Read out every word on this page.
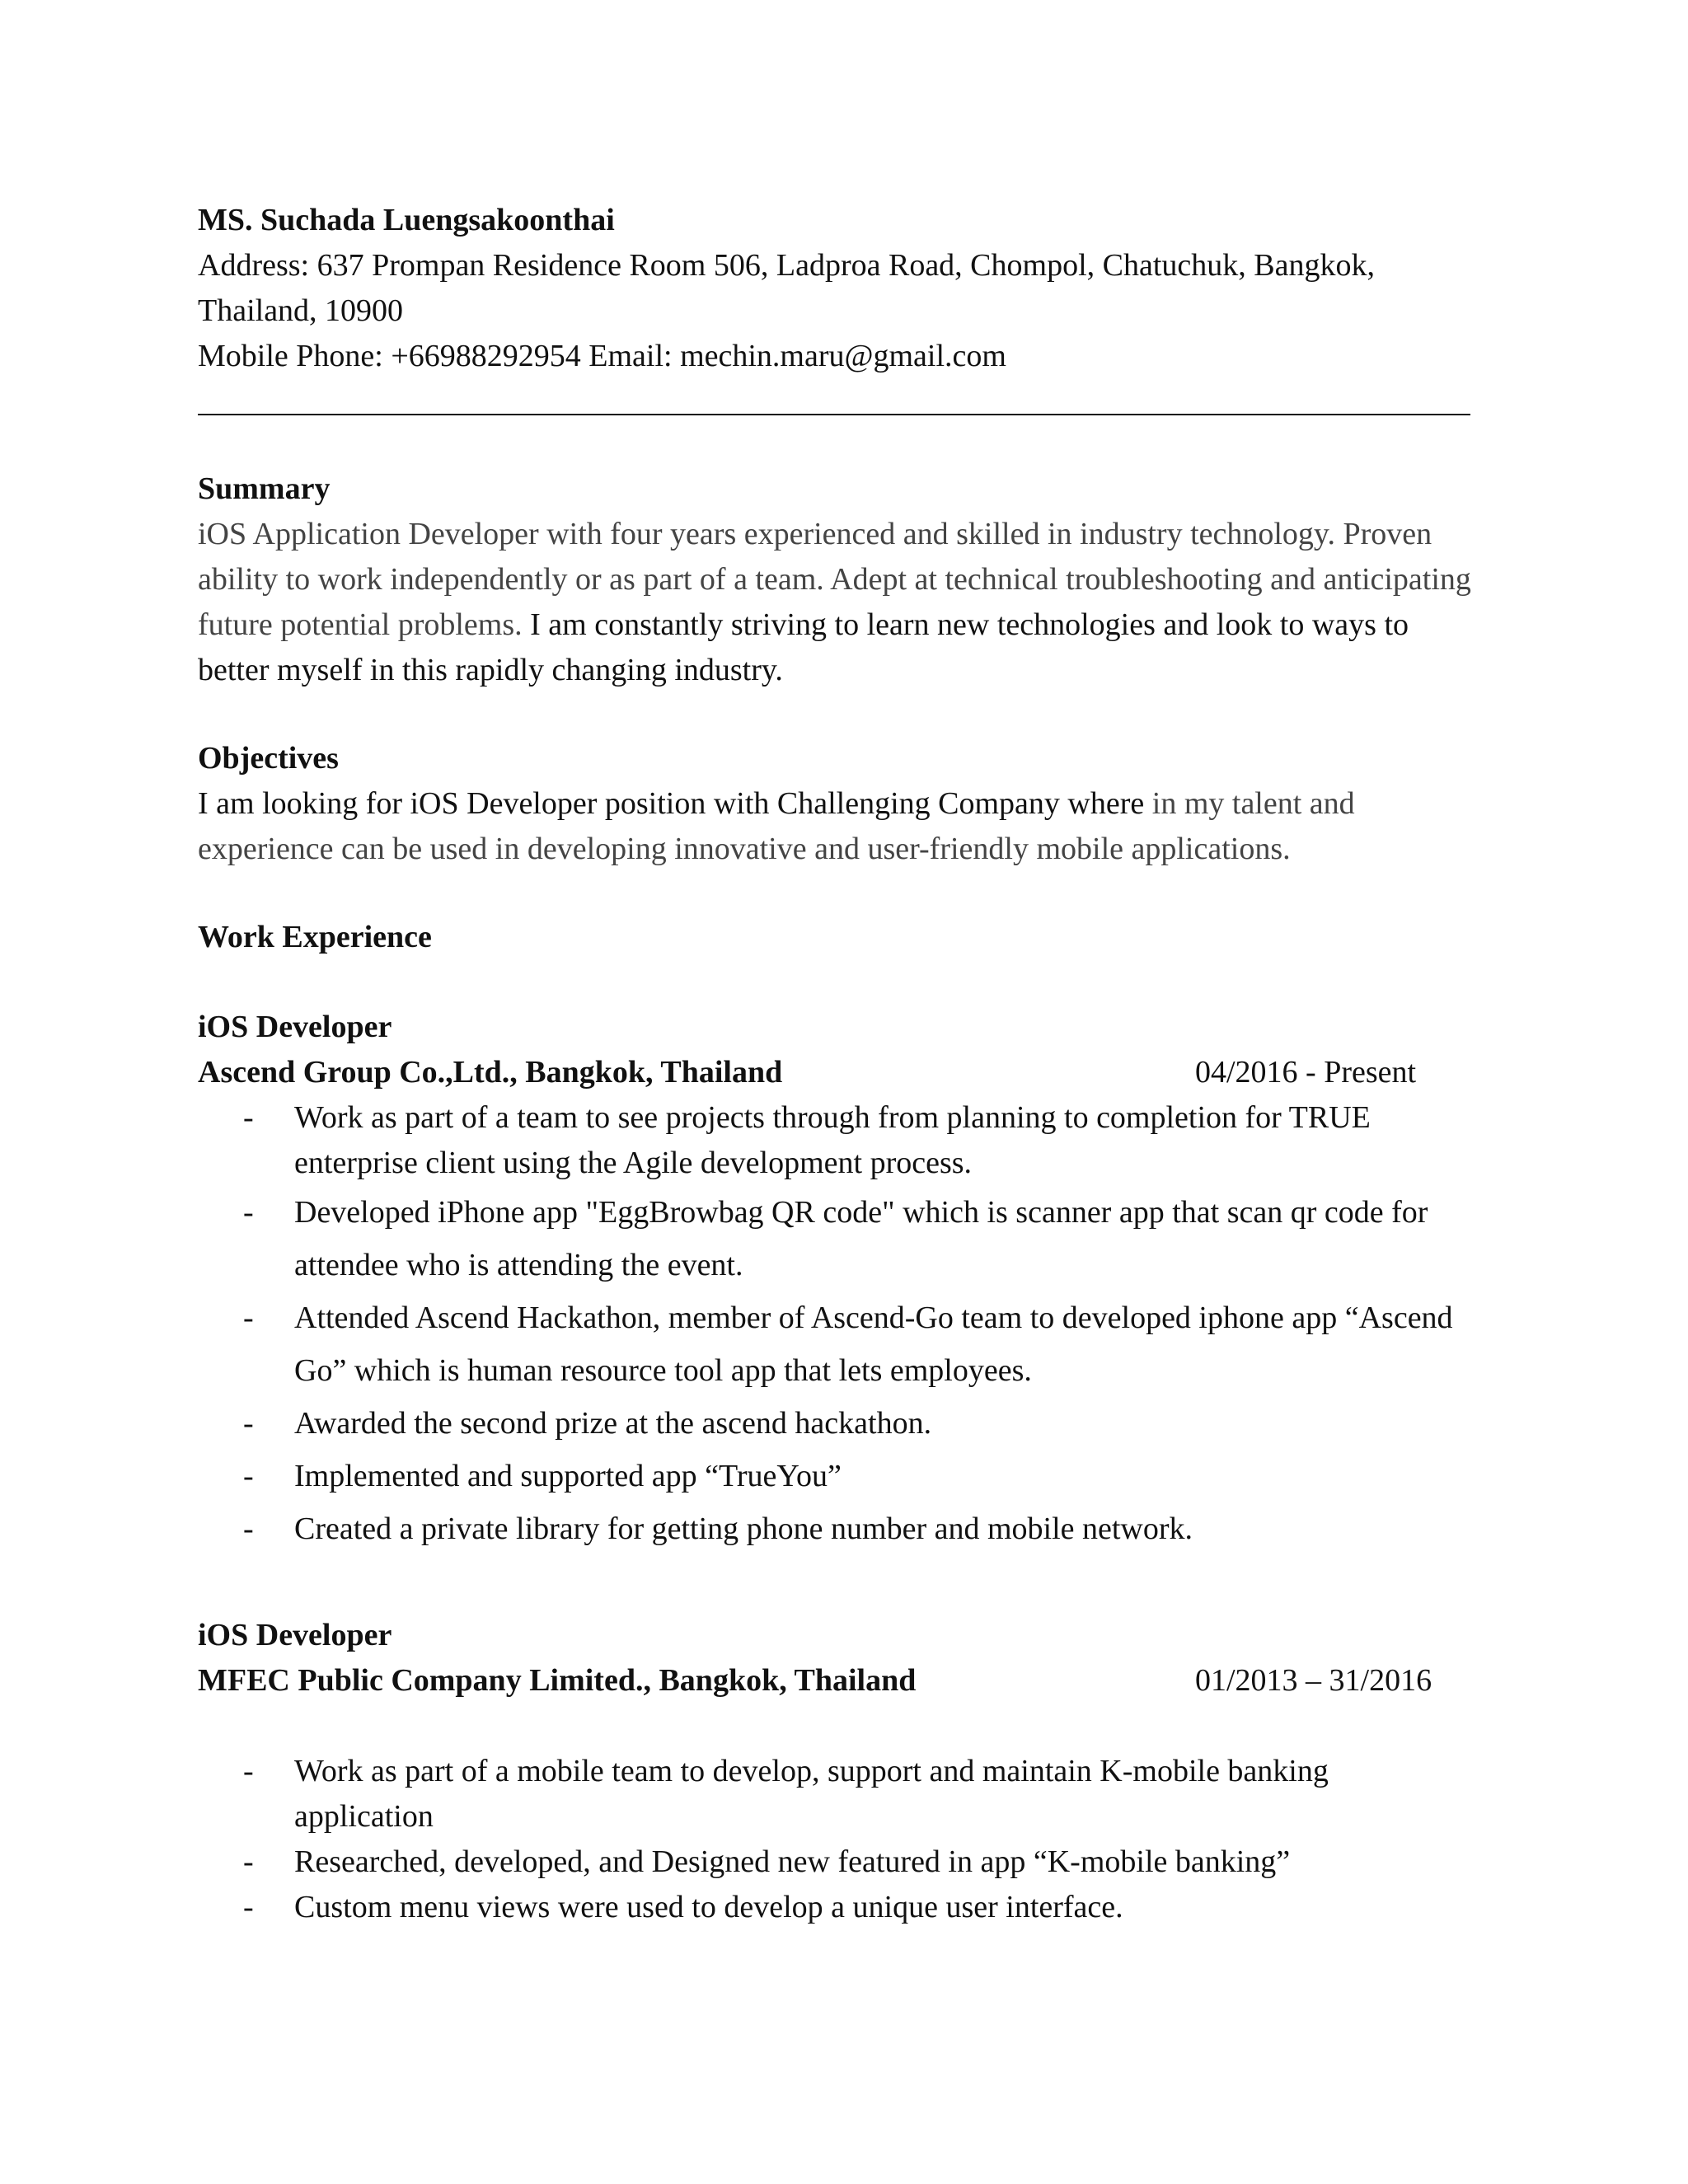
MS. Suchada Luengsakoonthai
Address: 637 Prompan Residence Room 506, Ladproa Road, Chompol, Chatuchuk, Bangkok,
Thailand, 10900
Mobile Phone: +66988292954 Email: mechin.maru@gmail.com
Summary
iOS Application Developer with four years experienced and skilled in industry technology. Proven ability to work independently or as part of a team. Adept at technical troubleshooting and anticipating future potential problems. I am constantly striving to learn new technologies and look to ways to better myself in this rapidly changing industry.
Objectives
I am looking for iOS Developer position with Challenging Company where in my talent and experience can be used in developing innovative and user-friendly mobile applications.
Work Experience
iOS Developer
Ascend Group Co.,Ltd., Bangkok, Thailand	04/2016 - Present
- Work as part of a team to see projects through from planning to completion for TRUE enterprise client using the Agile development process.
- Developed iPhone app "EggBrowbag QR code" which is scanner app that scan qr code for attendee who is attending the event.
- Attended Ascend Hackathon, member of Ascend-Go team to developed iphone app “Ascend Go” which is human resource tool app that lets employees.
- Awarded the second prize at the ascend hackathon.
- Implemented and supported app “TrueYou”
- Created a private library for getting phone number and mobile network.
iOS Developer
MFEC Public Company Limited., Bangkok, Thailand	01/2013 – 31/2016
- Work as part of a mobile team to develop, support and maintain K-mobile banking application
- Researched, developed, and Designed new featured in app “K-mobile banking”
- Custom menu views were used to develop a unique user interface.
